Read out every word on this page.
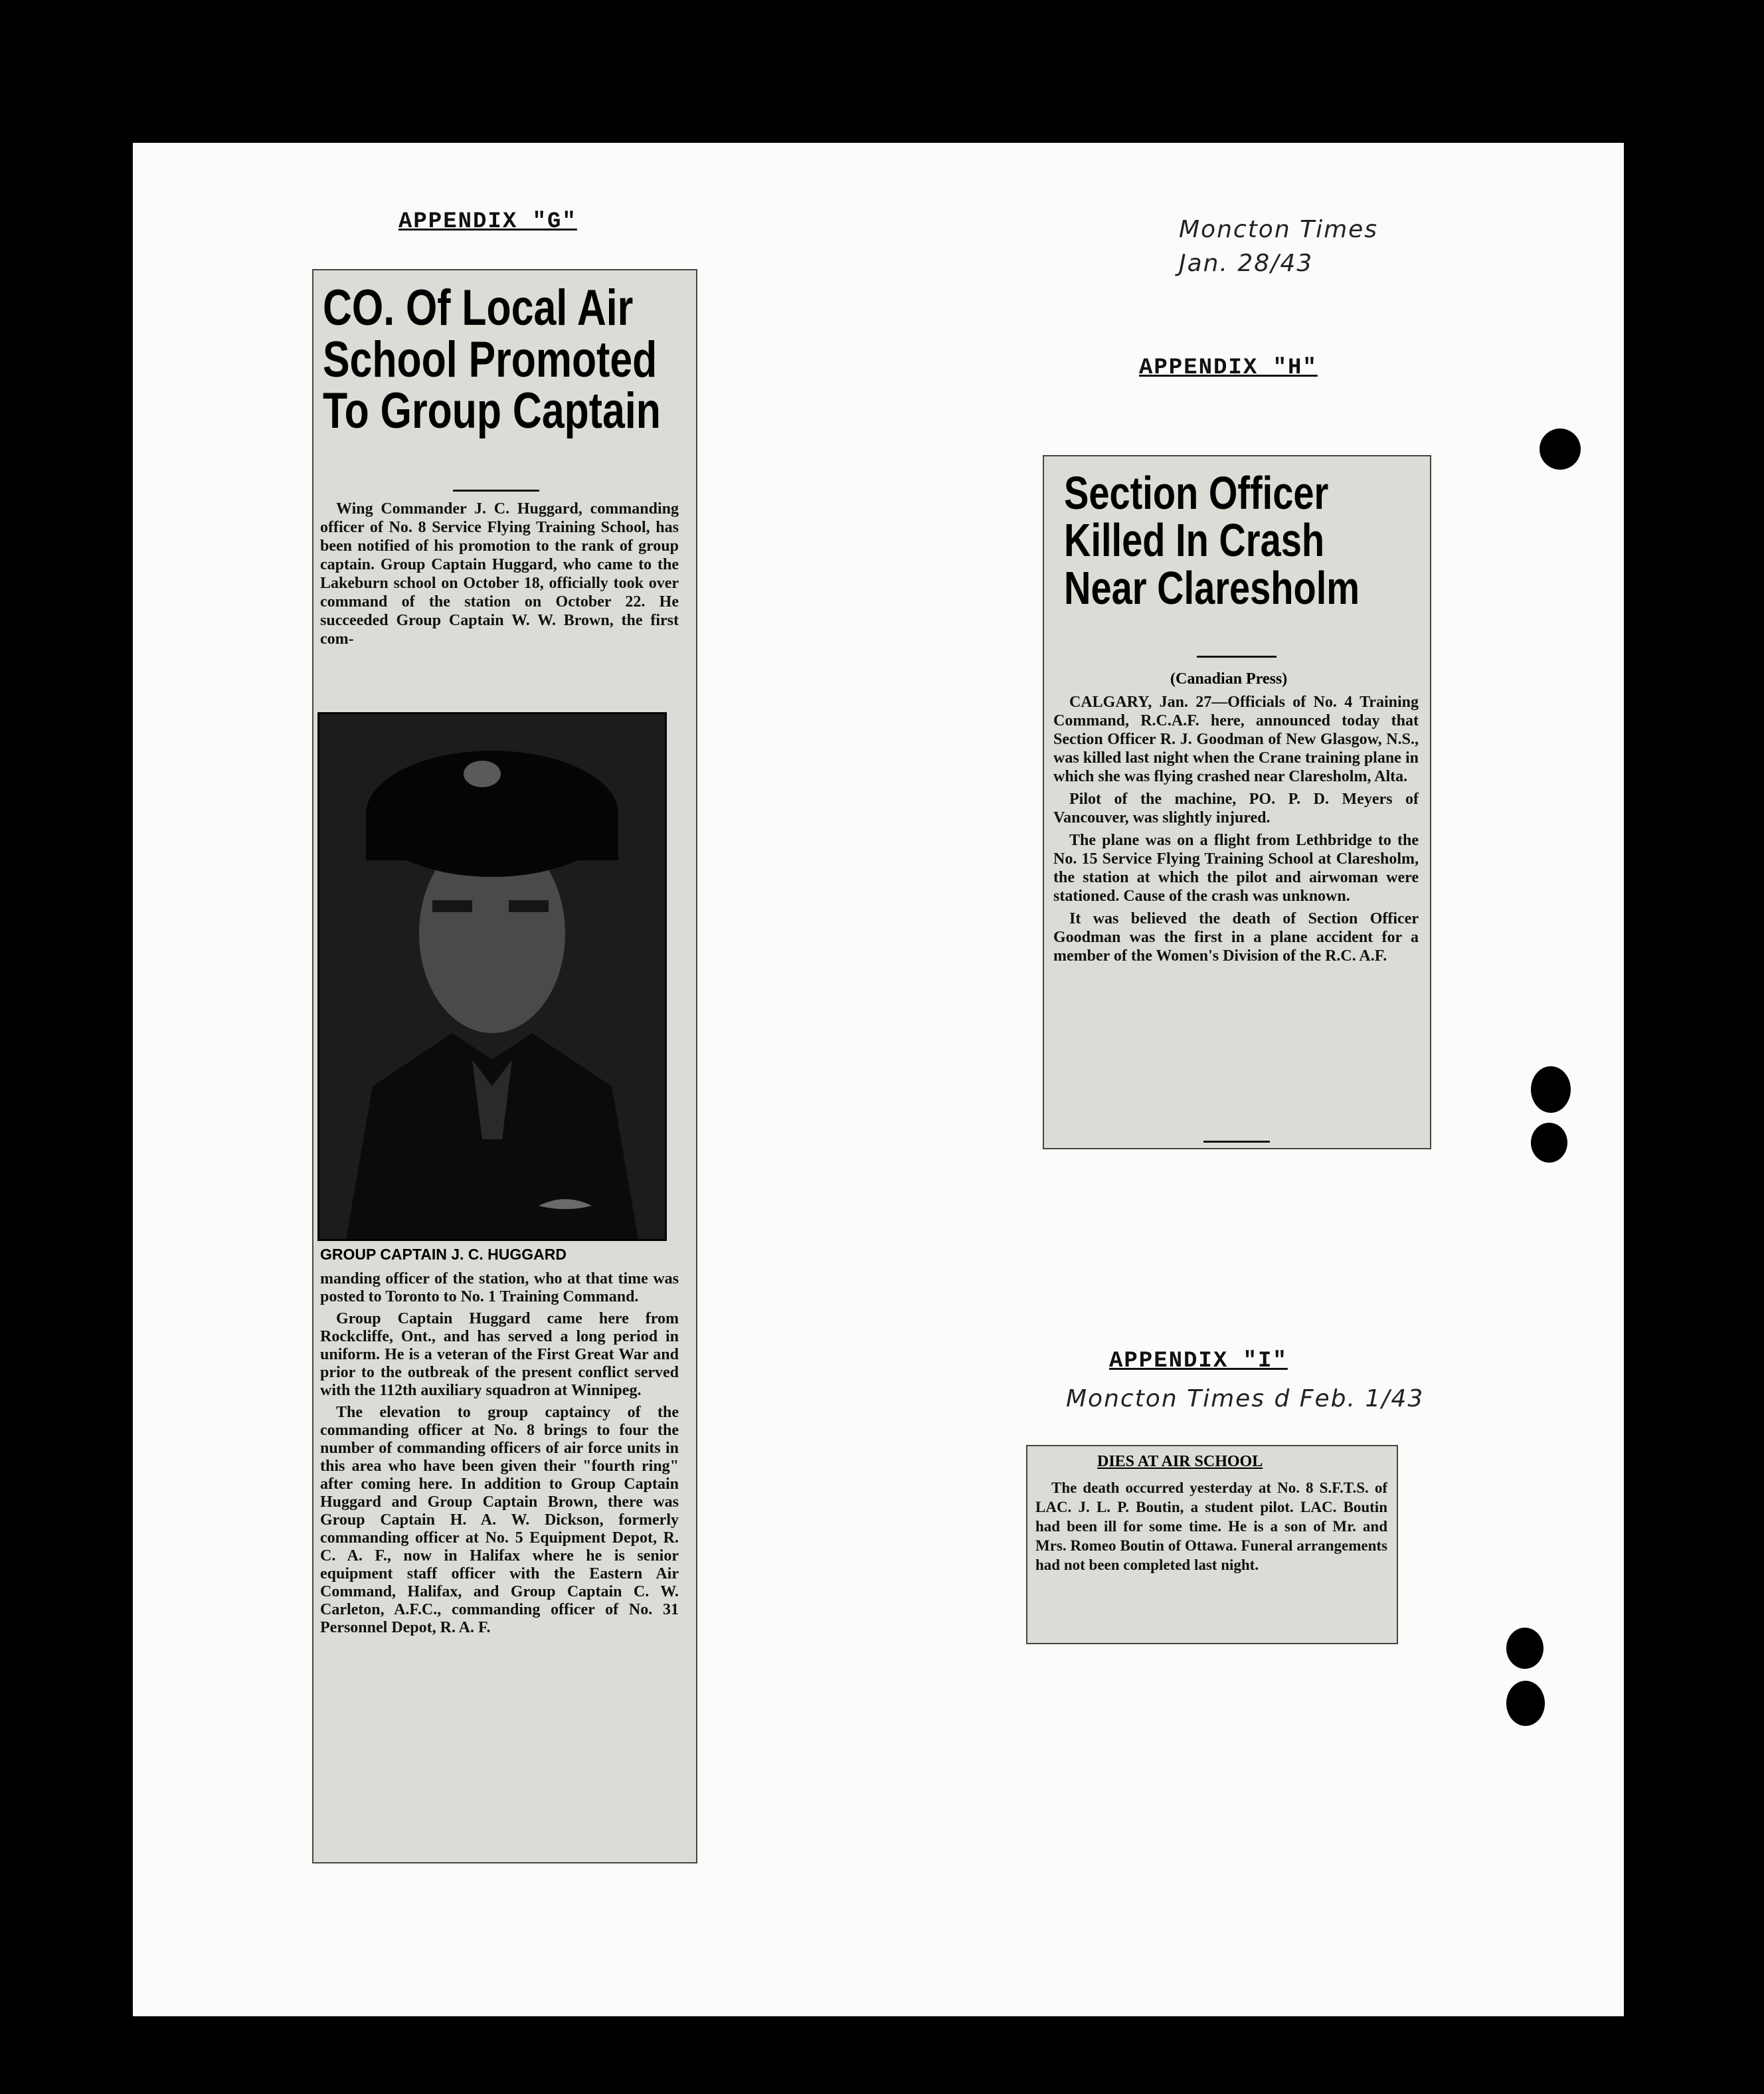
APPENDIX "G"
CO. Of Local Air
School Promoted
To Group Captain

Wing Commander J. C. Huggard, commanding officer of No. 8 Service Flying Training School, has been notified of his promotion to the rank of group captain. Group Captain Huggard, who came to the Lakeburn school on October 18, officially took over command of the station on October 22. He succeeded Group Captain W. W. Brown, the first com-

GROUP CAPTAIN J. C. HUGGARD

manding officer of the station, who at that time was posted to Toronto to No. 1 Training Command.

Group Captain Huggard came here from Rockcliffe, Ont., and has served a long period in uniform. He is a veteran of the First Great War and prior to the outbreak of the present conflict served with the 112th auxiliary squadron at Winnipeg.

The elevation to group captaincy of the commanding officer at No. 8 brings to four the number of commanding officers of air force units in this area who have been given their "fourth ring" after coming here. In addition to Group Captain Huggard and Group Captain Brown, there was Group Captain H. A. W. Dickson, formerly commanding officer at No. 5 Equipment Depot, R. C. A. F., now in Halifax where he is senior equipment staff officer with the Eastern Air Command, Halifax, and Group Captain C. W. Carleton, A.F.C., commanding officer of No. 31 Personnel Depot, R. A. F.

Moncton Times
Jan. 28/43
APPENDIX "H"
Section Officer
Killed In Crash
Near Claresholm
(Canadian Press)

CALGARY, Jan. 27—Officials of No. 4 Training Command, R.C.A.F. here, announced today that Section Officer R. J. Goodman of New Glasgow, N.S., was killed last night when the Crane training plane in which she was flying crashed near Claresholm, Alta.

Pilot of the machine, PO. P. D. Meyers of Vancouver, was slightly injured.

The plane was on a flight from Lethbridge to the No. 15 Service Flying Training School at Claresholm, the station at which the pilot and airwoman were stationed. Cause of the crash was unknown.

It was believed the death of Section Officer Goodman was the first in a plane accident for a member of the Women's Division of the R.C. A.F.

APPENDIX "I"
Moncton Times d Feb. 1/43
DIES AT AIR SCHOOL

The death occurred yesterday at No. 8 S.F.T.S. of LAC. J. L. P. Boutin, a student pilot. LAC. Boutin had been ill for some time. He is a son of Mr. and Mrs. Romeo Boutin of Ottawa. Funeral arrangements had not been completed last night.
